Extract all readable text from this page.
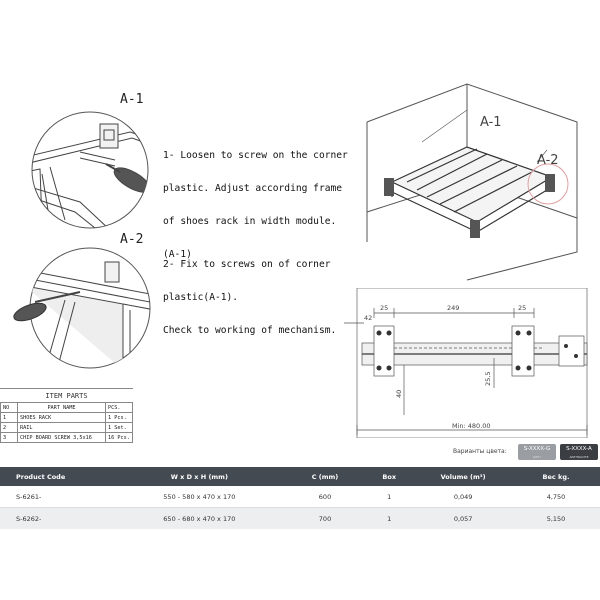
A-1

1- Loosen to screw on the corner

plastic. Adjust according frame

of shoes rack in width module.

(A-1)

A-2

2- Fix to screws on of corner

plastic(A-1).

Check to working of mechanism.

A-1
A-2
25	249	25
42
25,5
40
Min: 480.00
ITEM PARTS
NO	PART NAME	PCS.
1	SHOES RACK	1 Pcs.
2	RAIL	1 Set.
3	CHIP BOARD SCREW 3,5x16	16 Pcs.
Варианты цвета:	S-XXXX-G
GREY
S-XXXX-A
ANTHRACITE
Product Code	W x D x H (mm)	C (mm)	Box	Volume (m³)	Вес kg.
S-6261-	550 - 580 x 470 x 170	600	1	0,049	4,750
S-6262-	650 - 680 x 470 x 170	700	1	0,057	5,150
